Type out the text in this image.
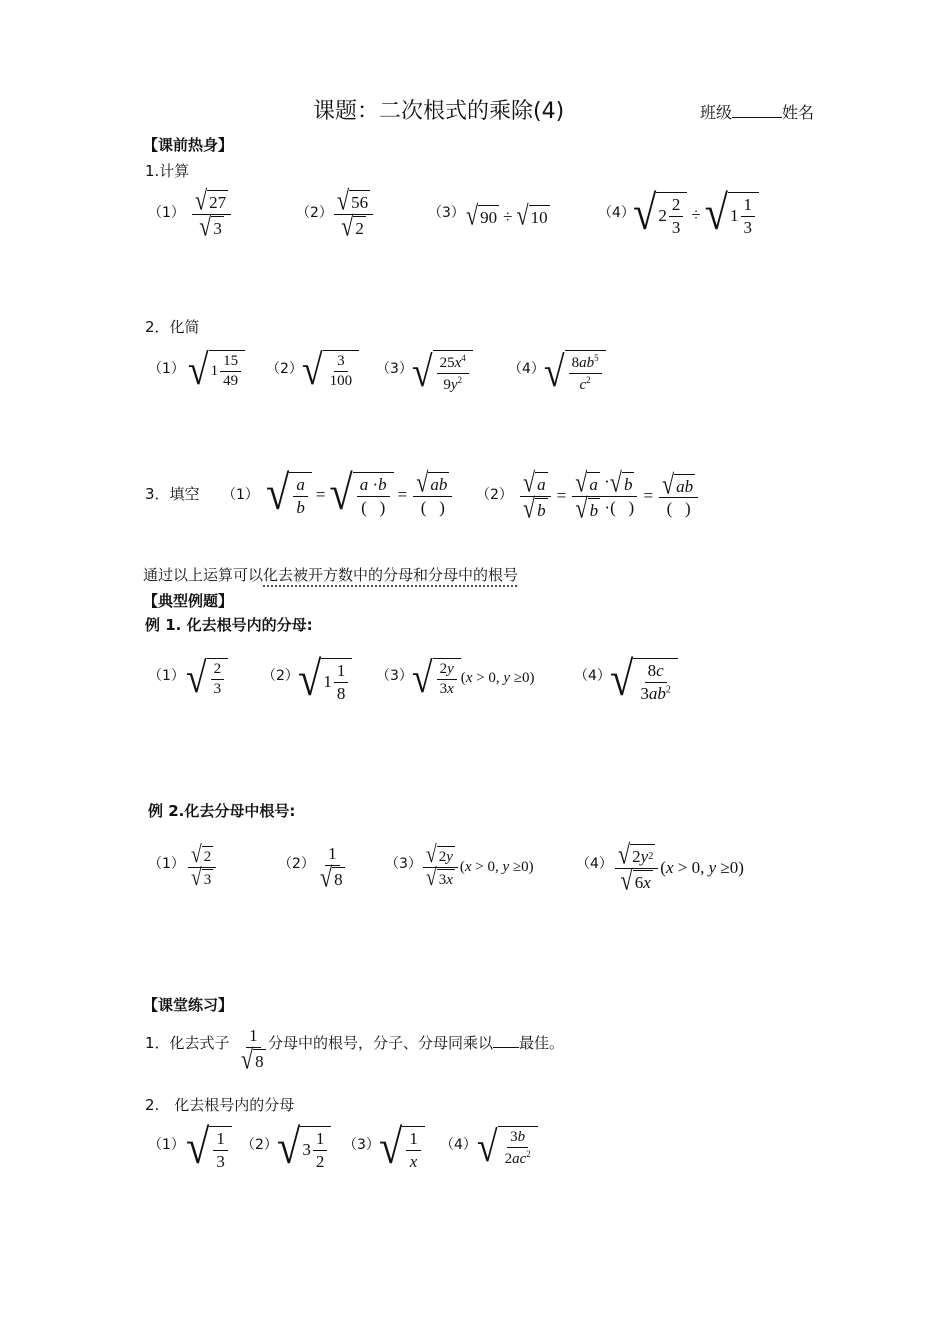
课题：二次根式的乘除(4)	班级	姓名
【课前热身】
1.计算
$(1) \frac{√ 27}{√ 3}$	$(2) \frac{√ 56}{√ 2}$	（3） √ 90 ÷ √ 10	（4）
√ $2 \frac{2}{3}$ ÷ √ $1 \frac{1}{3}$
2．化简
（1） √ $1 \frac{15}{49} (2)$ √ $\frac{3}{100} (3)$ √ $\frac{25x^4}{9y^2}$	（4） √ $\frac{8ab^5}{c^2}$
3．填空 （1） √ $\frac{a}{b}$ = √ $\frac{a \cdot b}{( )} = \frac{√ ab}{( )} (2) \frac{√ a}{√ b} = \frac{√ a \cdot √ b}{√ b \cdot( )} = \frac{√ ab}{( )}$
通过以上运算可以化去被开方数中的分母和分母中的根号
【典型例题】
例 1. 化去根号内的分母:
（1） √ $\frac{2}{3}$	（2） √ $1 \frac{1}{8} (3)$ √ $\frac{2y}{3x} (x > 0$, y ≥0)	（4） √ $\frac{8c}{3ab^2}$
例 2.化去分母中根号:
$(1) \frac{√ 2}{√ 3}$	$(2) \frac{1}{√ 8}$	$(3) \frac{√ 2 y}{√ 3 x} (x > 0$, y ≥0)	$(4) \frac{√ 2 y 2}{√ 6 x} (x > 0$, y ≥0)
【课堂练习】
1．化去式子 $\frac{1}{√ 8}$ 分母中的根号，分子、分母同乘以 最佳。
2.　化去根号内的分母
（1） √ $\frac{1}{3} (2)$ √ $3 \frac{1}{2} (3)$ √ $\frac{1}{x} (4)$ √ $\frac{3b}{2ac^2}$
